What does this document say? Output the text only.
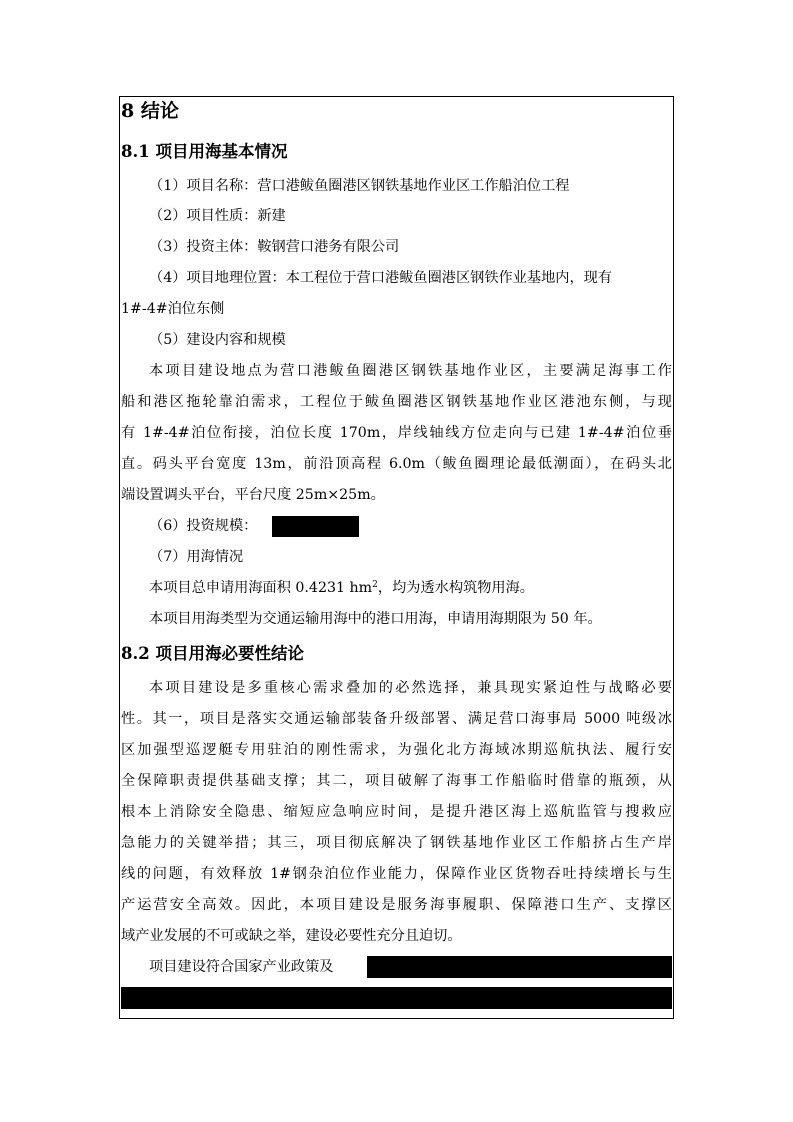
8 结论
8.1 项目用海基本情况
（1）项目名称：营口港鲅鱼圈港区钢铁基地作业区工作船泊位工程
（2）项目性质：新建
（3）投资主体：鞍钢营口港务有限公司
（4）项目地理位置：本工程位于营口港鲅鱼圈港区钢铁作业基地内，现有
1#-4#泊位东侧
（5）建设内容和规模
本项目建设地点为营口港鲅鱼圈港区钢铁基地作业区，主要满足海事工作
船和港区拖轮靠泊需求，工程位于鲅鱼圈港区钢铁基地作业区港池东侧，与现
有 1#-4#泊位衔接，泊位长度 170m，岸线轴线方位走向与已建 1#-4#泊位垂
直。码头平台宽度 13m，前沿顶高程 6.0m（鲅鱼圈理论最低潮面），在码头北
端设置调头平台，平台尺度 25m×25m。
（6）投资规模：
（7）用海情况
本项目总申请用海面积 0.4231 $hm^2$，均为透水构筑物用海。
本项目用海类型为交通运输用海中的港口用海，申请用海期限为 50 年。
8.2 项目用海必要性结论
本项目建设是多重核心需求叠加的必然选择，兼具现实紧迫性与战略必要
性。其一，项目是落实交通运输部装备升级部署、满足营口海事局 5000 吨级冰
区加强型巡逻艇专用驻泊的刚性需求，为强化北方海域冰期巡航执法、履行安
全保障职责提供基础支撑；其二，项目破解了海事工作船临时借靠的瓶颈，从
根本上消除安全隐患、缩短应急响应时间，是提升港区海上巡航监管与搜救应
急能力的关键举措；其三，项目彻底解决了钢铁基地作业区工作船挤占生产岸
线的问题，有效释放 1#钢杂泊位作业能力，保障作业区货物吞吐持续增长与生
产运营安全高效。因此，本项目建设是服务海事履职、保障港口生产、支撑区
域产业发展的不可或缺之举，建设必要性充分且迫切。
项目建设符合国家产业政策及
